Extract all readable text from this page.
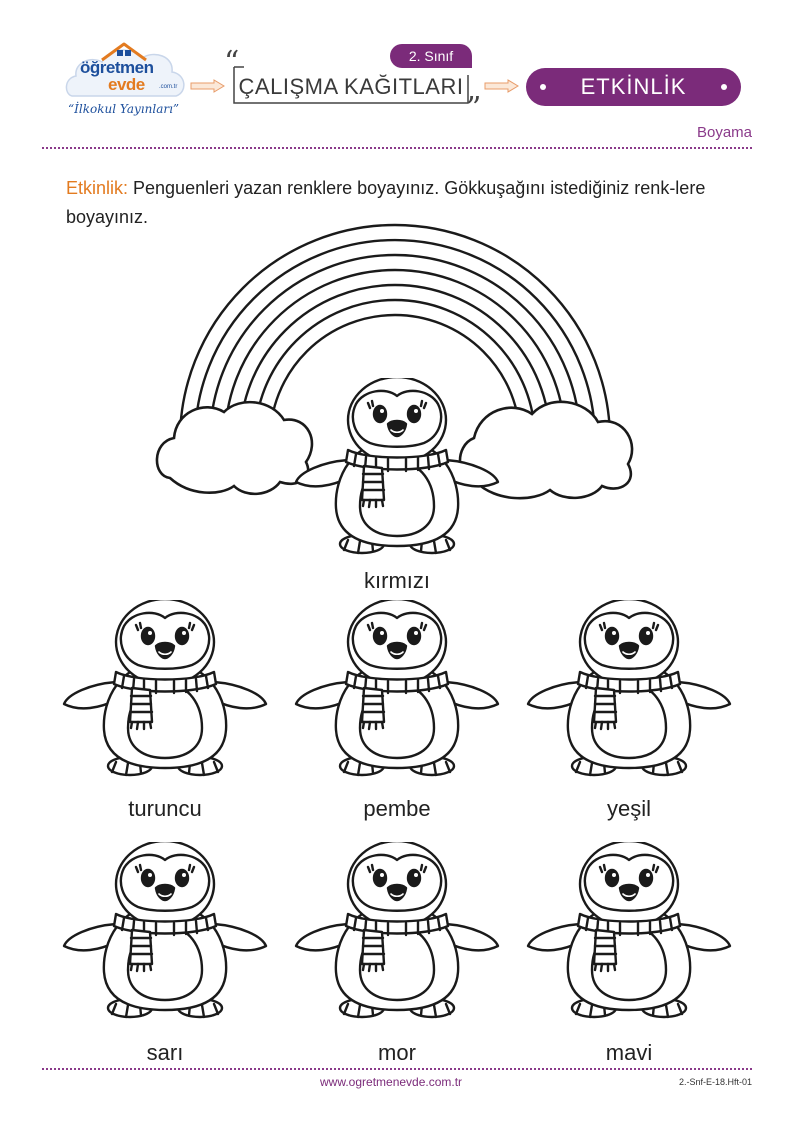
öğretmen
evde .com.tr
“İlkokul Yayınları”
ÇALIŞMA KAĞITLARI
“
”
2. Sınıf
ETKİNLİK
Boyama
Etkinlik: Penguenleri yazan renklere boyayınız. Gökkuşağını istediğiniz renk-lere boyayınız.
kırmızı
turuncu	pembe	yeşil
sarı	mor	mavi
www.ogretmenevde.com.tr	2.-Snf-E-18.Hft-01
